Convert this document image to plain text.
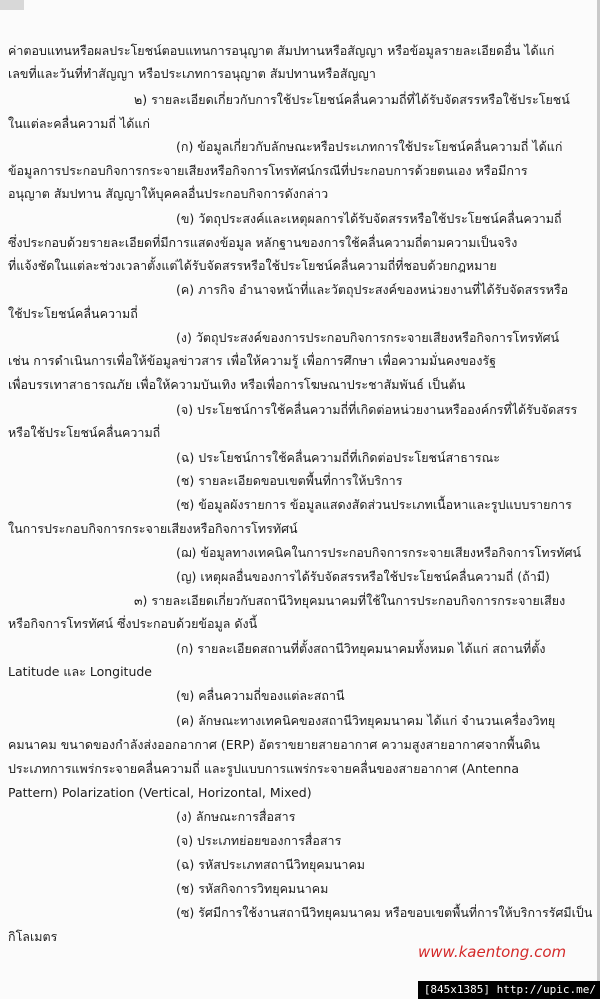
ค่าตอบแทนหรือผลประโยชน์ตอบแทนการอนุญาต สัมปทานหรือสัญญา หรือข้อมูลรายละเอียดอื่น ได้แก่
เลขที่และวันที่ทำสัญญา หรือประเภทการอนุญาต สัมปทานหรือสัญญา
๒) รายละเอียดเกี่ยวกับการใช้ประโยชน์คลื่นความถี่ที่ได้รับจัดสรรหรือใช้ประโยชน์
ในแต่ละคลื่นความถี่ ได้แก่
(ก) ข้อมูลเกี่ยวกับลักษณะหรือประเภทการใช้ประโยชน์คลื่นความถี่ ได้แก่
ข้อมูลการประกอบกิจการกระจายเสียงหรือกิจการโทรทัศน์กรณีที่ประกอบการด้วยตนเอง หรือมีการ
อนุญาต สัมปทาน สัญญาให้บุคคลอื่นประกอบกิจการดังกล่าว
(ข) วัตถุประสงค์และเหตุผลการได้รับจัดสรรหรือใช้ประโยชน์คลื่นความถี่
ซึ่งประกอบด้วยรายละเอียดที่มีการแสดงข้อมูล หลักฐานของการใช้คลื่นความถี่ตามความเป็นจริง
ที่แจ้งชัดในแต่ละช่วงเวลาตั้งแต่ได้รับจัดสรรหรือใช้ประโยชน์คลื่นความถี่ที่ชอบด้วยกฎหมาย
(ค) ภารกิจ อำนาจหน้าที่และวัตถุประสงค์ของหน่วยงานที่ได้รับจัดสรรหรือ
ใช้ประโยชน์คลื่นความถี่
(ง) วัตถุประสงค์ของการประกอบกิจการกระจายเสียงหรือกิจการโทรทัศน์
เช่น การดำเนินการเพื่อให้ข้อมูลข่าวสาร เพื่อให้ความรู้ เพื่อการศึกษา เพื่อความมั่นคงของรัฐ
เพื่อบรรเทาสาธารณภัย เพื่อให้ความบันเทิง หรือเพื่อการโฆษณาประชาสัมพันธ์ เป็นต้น
(จ) ประโยชน์การใช้คลื่นความถี่ที่เกิดต่อหน่วยงานหรือองค์กรที่ได้รับจัดสรร
หรือใช้ประโยชน์คลื่นความถี่
(ฉ) ประโยชน์การใช้คลื่นความถี่ที่เกิดต่อประโยชน์สาธารณะ
(ช) รายละเอียดขอบเขตพื้นที่การให้บริการ
(ซ) ข้อมูลผังรายการ ข้อมูลแสดงสัดส่วนประเภทเนื้อหาและรูปแบบรายการ
ในการประกอบกิจการกระจายเสียงหรือกิจการโทรทัศน์
(ฌ) ข้อมูลทางเทคนิคในการประกอบกิจการกระจายเสียงหรือกิจการโทรทัศน์
(ญ) เหตุผลอื่นของการได้รับจัดสรรหรือใช้ประโยชน์คลื่นความถี่ (ถ้ามี)
๓) รายละเอียดเกี่ยวกับสถานีวิทยุคมนาคมที่ใช้ในการประกอบกิจการกระจายเสียง
หรือกิจการโทรทัศน์ ซึ่งประกอบด้วยข้อมูล ดังนี้
(ก) รายละเอียดสถานที่ตั้งสถานีวิทยุคมนาคมทั้งหมด ได้แก่ สถานที่ตั้ง
Latitude และ Longitude
(ข) คลื่นความถี่ของแต่ละสถานี
(ค) ลักษณะทางเทคนิคของสถานีวิทยุคมนาคม ได้แก่ จำนวนเครื่องวิทยุ
คมนาคม ขนาดของกำลังส่งออกอากาศ (ERP) อัตราขยายสายอากาศ ความสูงสายอากาศจากพื้นดิน
ประเภทการแพร่กระจายคลื่นความถี่ และรูปแบบการแพร่กระจายคลื่นของสายอากาศ (Antenna
Pattern) Polarization (Vertical, Horizontal, Mixed)
(ง) ลักษณะการสื่อสาร
(จ) ประเภทย่อยของการสื่อสาร
(ฉ) รหัสประเภทสถานีวิทยุคมนาคม
(ช) รหัสกิจการวิทยุคมนาคม
(ซ) รัศมีการใช้งานสถานีวิทยุคมนาคม หรือขอบเขตพื้นที่การให้บริการรัศมีเป็น
กิโลเมตร
www.kaentong.com
[845x1385] http://upic.me/
